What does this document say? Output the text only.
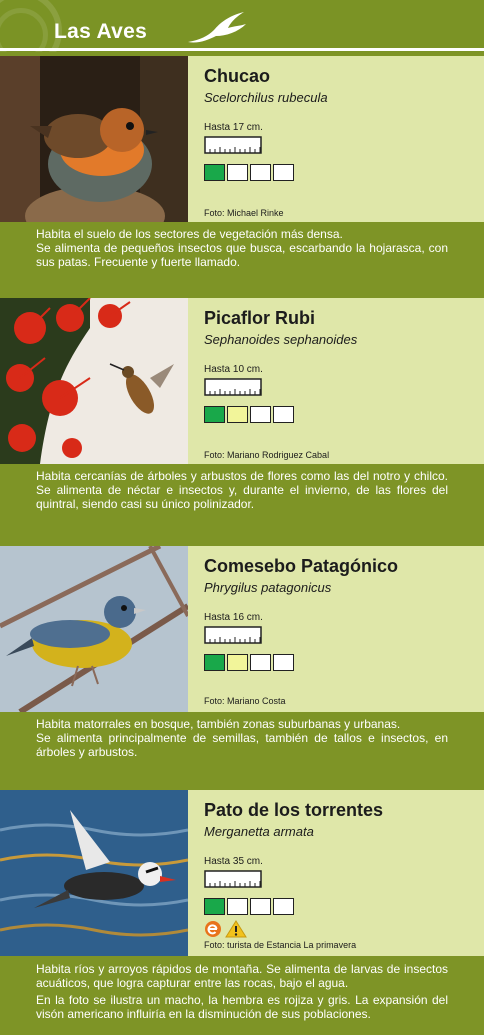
Las Aves
Chucao
Scelorchilus rubecula
Hasta 17 cm.
Foto: Michael Rinke

Habita el suelo de los sectores de vegetación más densa.

Se alimenta de pequeños insectos que busca, escarbando la hojarasca, con sus patas. Frecuente y fuerte llamado.

Picaflor Rubi
Sephanoides sephanoides
Hasta 10 cm.
Foto: Mariano Rodriguez Cabal

Habita cercanías de árboles y arbustos de flores como las del notro y chilco. Se alimenta de néctar e insectos y, durante el invierno, de las flores del quintral, siendo casi su único polinizador.

Comesebo Patagónico
Phrygilus patagonicus
Hasta 16 cm.
Foto: Mariano Costa

Habita matorrales en bosque, también zonas suburbanas y urbanas.

Se alimenta principalmente de semillas, también de tallos e insectos, en árboles y arbustos.

Pato de los torrentes
Merganetta armata
Hasta 35 cm.
Foto: turista de Estancia La primavera

Habita ríos y arroyos rápidos de montaña. Se alimenta de larvas de insectos acuáticos, que logra capturar entre las rocas, bajo el agua.

En la foto se ilustra un macho, la hembra es rojiza y gris. La expansión del visón americano influiría en la disminución de sus poblaciones.
